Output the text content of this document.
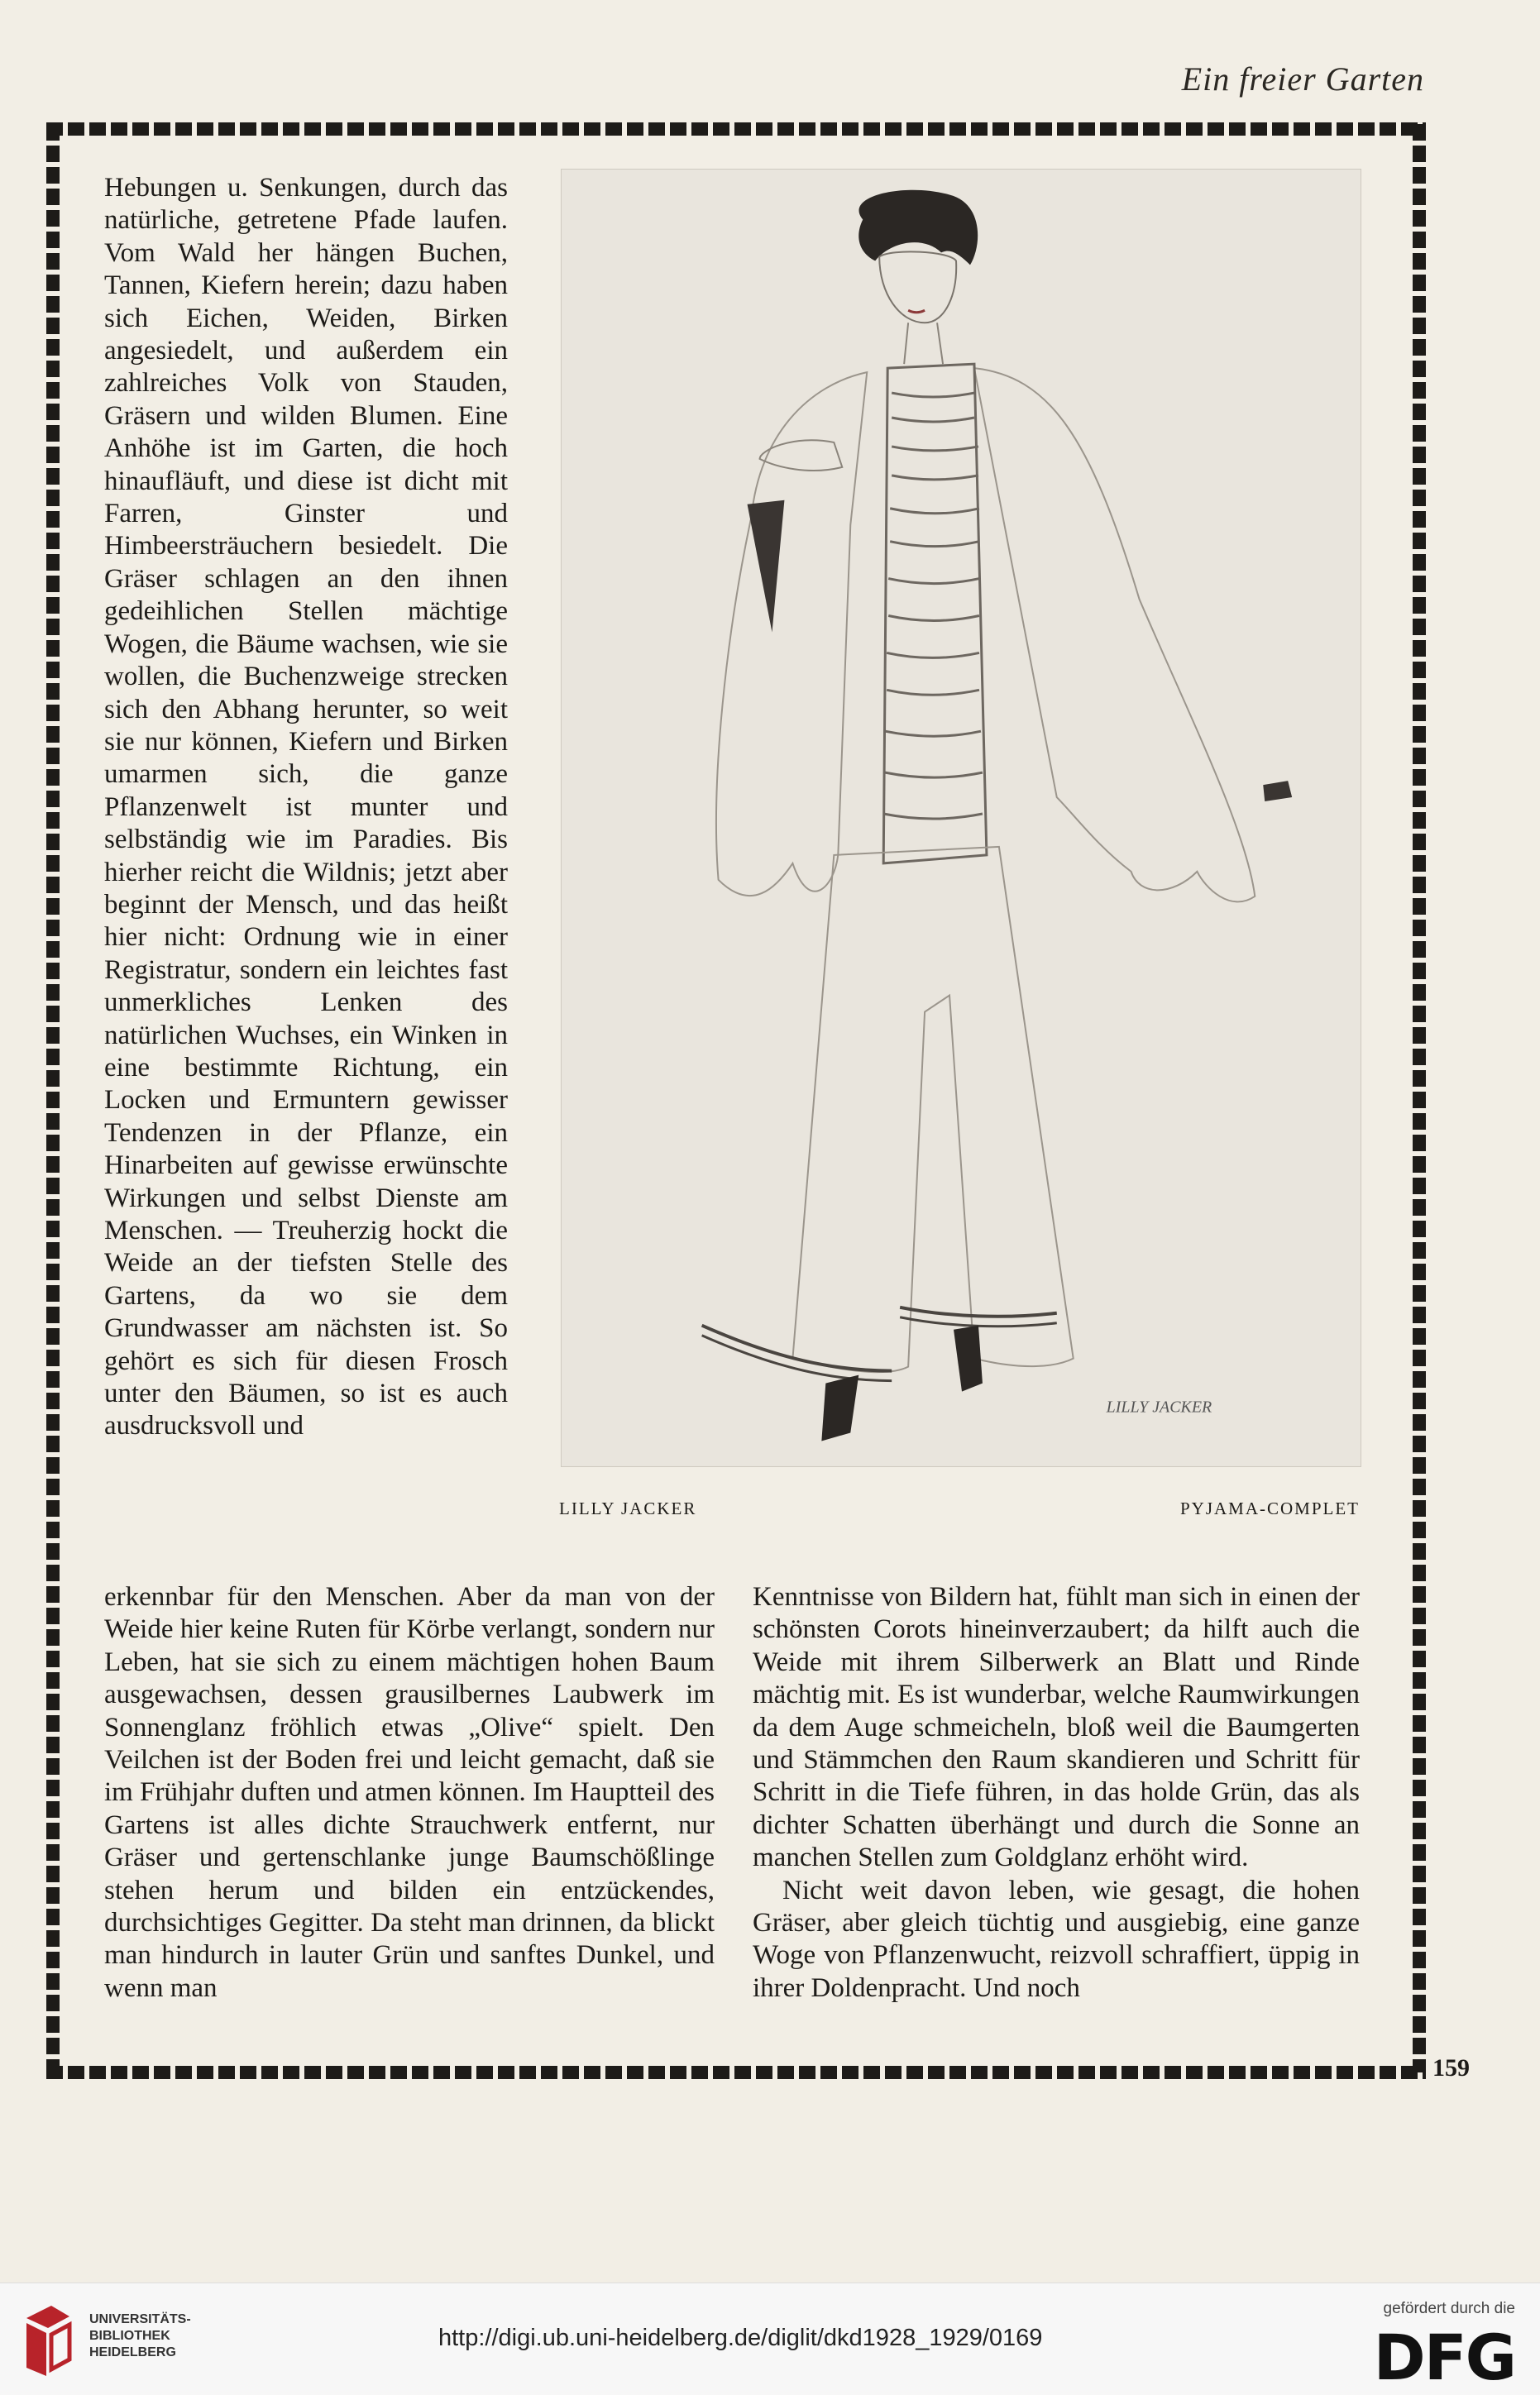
Ein freier Garten
159

Hebungen u. Senkungen, durch das natürliche, getretene Pfade laufen. Vom Wald her hängen Buchen, Tannen, Kiefern herein; dazu haben sich Eichen, Weiden, Birken angesiedelt, und außerdem ein zahlreiches Volk von Stauden, Gräsern und wilden Blumen. Eine Anhöhe ist im Garten, die hoch hinaufläuft, und diese ist dicht mit Farren, Ginster und Himbeersträuchern besiedelt. Die Gräser schlagen an den ihnen gedeihlichen Stellen mächtige Wogen, die Bäume wachsen, wie sie wollen, die Buchenzweige strecken sich den Abhang herunter, so weit sie nur können, Kiefern und Birken umarmen sich, die ganze Pflanzenwelt ist munter und selbständig wie im Paradies. Bis hierher reicht die Wildnis; jetzt aber beginnt der Mensch, und das heißt hier nicht: Ordnung wie in einer Registratur, sondern ein leichtes fast unmerkliches Lenken des natürlichen Wuchses, ein Winken in eine bestimmte Richtung, ein Locken und Ermuntern gewisser Tendenzen in der Pflanze, ein Hinarbeiten auf gewisse erwünschte Wirkungen und selbst Dienste am Menschen. — Treuherzig hockt die Weide an der tiefsten Stelle des Gartens, da wo sie dem Grundwasser am nächsten ist. So gehört es sich für diesen Frosch unter den Bäumen, so ist es auch ausdrucksvoll und

LILLY JACKER
LILLY JACKER	PYJAMA-COMPLET

erkennbar für den Menschen. Aber da man von der Weide hier keine Ruten für Körbe verlangt, sondern nur Leben, hat sie sich zu einem mächtigen hohen Baum ausgewachsen, dessen grausilbernes Laubwerk im Sonnenglanz fröhlich etwas „Olive“ spielt. Den Veilchen ist der Boden frei und leicht gemacht, daß sie im Frühjahr duften und atmen können. Im Hauptteil des Gartens ist alles dichte Strauchwerk entfernt, nur Gräser und gertenschlanke junge Baumschößlinge stehen herum und bilden ein entzückendes, durchsichtiges Gegitter. Da steht man drinnen, da blickt man hindurch in lauter Grün und sanftes Dunkel, und wenn man

Kenntnisse von Bildern hat, fühlt man sich in einen der schönsten Corots hineinverzaubert; da hilft auch die Weide mit ihrem Silberwerk an Blatt und Rinde mächtig mit. Es ist wunderbar, welche Raumwirkungen da dem Auge schmeicheln, bloß weil die Baumgerten und Stämmchen den Raum skandieren und Schritt für Schritt in die Tiefe führen, in das holde Grün, das als dichter Schatten überhängt und durch die Sonne an manchen Stellen zum Goldglanz erhöht wird.

Nicht weit davon leben, wie gesagt, die hohen Gräser, aber gleich tüchtig und ausgiebig, eine ganze Woge von Pflanzenwucht, reizvoll schraffiert, üppig in ihrer Doldenpracht. Und noch

UNIVERSITÄTS-
BIBLIOTHEK
HEIDELBERG
http://digi.ub.uni-heidelberg.de/diglit/dkd1928_1929/0169
gefördert durch die
DFG
